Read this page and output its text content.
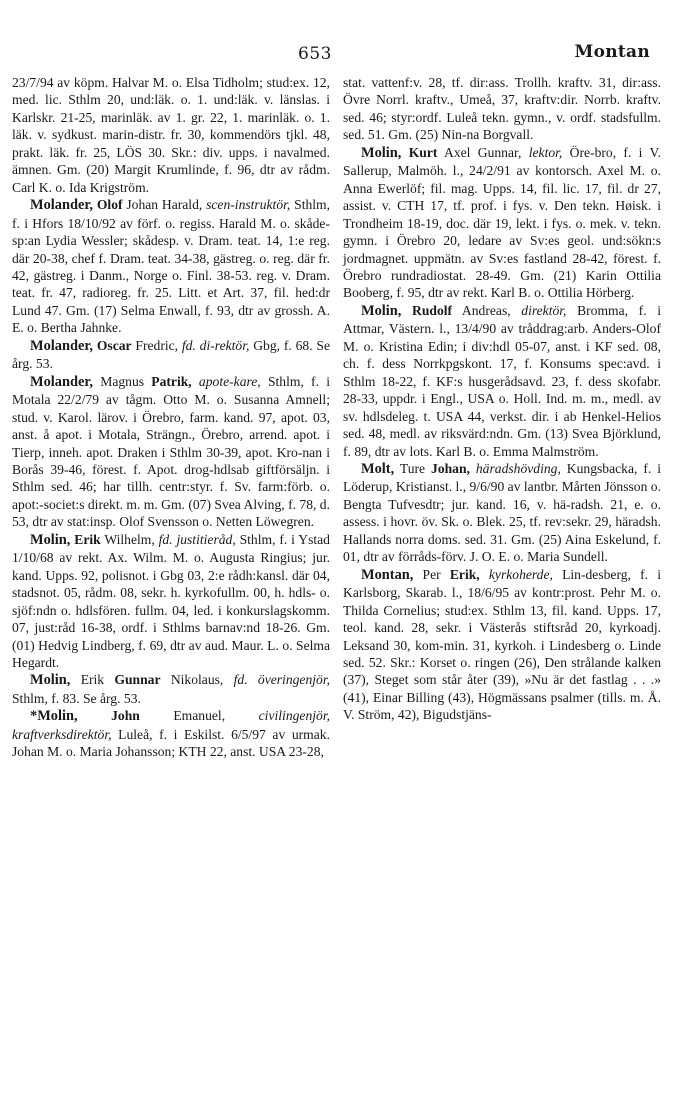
653	Montan

23/7/94 av köpm. Halvar M. o. Elsa Tidholm; stud:ex. 12, med. lic. Sthlm 20, und:läk. o. 1. und:läk. v. länslas. i Karlskr. 21-25, marinläk. av 1. gr. 22, 1. marinläk. o. 1. läk. v. sydkust. marin-distr. fr. 30, kommendörs tjkl. 48, prakt. läk. fr. 25, LÖS 30. Skr.: div. upps. i navalmed. ämnen. Gm. (20) Margit Krumlinde, f. 96, dtr av rådm. Carl K. o. Ida Krigström.

Molander, Olof Johan Harald, scen-instruktör, Sthlm, f. i Hfors 18/10/92 av förf. o. regiss. Harald M. o. skåde-sp:an Lydia Wessler; skådesp. v. Dram. teat. 14, 1:e reg. där 20-38, chef f. Dram. teat. 34-38, gästreg. o. reg. där fr. 42, gästreg. i Danm., Norge o. Finl. 38-53. reg. v. Dram. teat. fr. 47, radioreg. fr. 25. Litt. et Art. 37, fil. hed:dr Lund 47. Gm. (17) Selma Enwall, f. 93, dtr av grossh. A. E. o. Bertha Jahnke.

Molander, Oscar Fredric, fd. di-rektör, Gbg, f. 68. Se årg. 53.

Molander, Magnus Patrik, apote-kare, Sthlm, f. i Motala 22/2/79 av tågm. Otto M. o. Susanna Amnell; stud. v. Karol. lärov. i Örebro, farm. kand. 97, apot. 03, anst. å apot. i Motala, Strängn., Örebro, arrend. apot. i Tierp, inneh. apot. Draken i Sthlm 30-39, apot. Kro-nan i Borås 39-46, förest. f. Apot. drog-hdlsab giftförsäljn. i Sthlm sed. 46; har tillh. centr:styr. f. Sv. farm:förb. o. apot:-societ:s direkt. m. m. Gm. (07) Svea Alving, f. 78, d. 53, dtr av stat:insp. Olof Svensson o. Netten Löwegren.

Molin, Erik Wilhelm, fd. justitieråd, Sthlm, f. i Ystad 1/10/68 av rekt. Ax. Wilm. M. o. Augusta Ringius; jur. kand. Upps. 92, polisnot. i Gbg 03, 2:e rådh:kansl. där 04, stadsnot. 05, rådm. 08, sekr. h. kyrkofullm. 00, h. hdls- o. sjöf:ndn o. hdlsfören. fullm. 04, led. i konkurslagskomm. 07, just:råd 16-38, ordf. i Sthlms barnav:nd 18-26. Gm. (01) Hedvig Lindberg, f. 69, dtr av aud. Maur. L. o. Selma Hegardt.

Molin, Erik Gunnar Nikolaus, fd. överingenjör, Sthlm, f. 83. Se årg. 53.

*Molin, John Emanuel, civilingenjör, kraftverksdirektör, Luleå, f. i Eskilst. 6/5/97 av urmak. Johan M. o. Maria Johansson; KTH 22, anst. USA 23-28,

stat. vattenf:v. 28, tf. dir:ass. Trollh. kraftv. 31, dir:ass. Övre Norrl. kraftv., Umeå, 37, kraftv:dir. Norrb. kraftv. sed. 46; styr:ordf. Luleå tekn. gymn., v. ordf. stadsfullm. sed. 51. Gm. (25) Nin-na Borgvall.

Molin, Kurt Axel Gunnar, lektor, Öre-bro, f. i V. Sallerup, Malmöh. l., 24/2/91 av kontorsch. Axel M. o. Anna Ewerlöf; fil. mag. Upps. 14, fil. lic. 17, fil. dr 27, assist. v. CTH 17, tf. prof. i fys. v. Den tekn. Høisk. i Trondheim 18-19, doc. där 19, lekt. i fys. o. mek. v. tekn. gymn. i Örebro 20, ledare av Sv:es geol. und:sökn:s jordmagnet. uppmätn. av Sv:es fastland 28-42, förest. f. Örebro rundradiostat. 28-49. Gm. (21) Karin Ottilia Booberg, f. 95, dtr av rekt. Karl B. o. Ottilia Hörberg.

Molin, Rudolf Andreas, direktör, Bromma, f. i Attmar, Västern. l., 13/4/90 av tråddrag:arb. Anders-Olof M. o. Kristina Edin; i div:hdl 05-07, anst. i KF sed. 08, ch. f. dess Norrkpgskont. 17, f. Konsums spec:avd. i Sthlm 18-22, f. KF:s husgerådsavd. 23, f. dess skofabr. 28-33, uppdr. i Engl., USA o. Holl. Ind. m. m., medl. av sv. hdlsdeleg. t. USA 44, verkst. dir. i ab Henkel-Helios sed. 48, medl. av riksvärd:ndn. Gm. (13) Svea Björklund, f. 89, dtr av lots. Karl B. o. Emma Malmström.

Molt, Ture Johan, häradshövding, Kungsbacka, f. i Löderup, Kristianst. l., 9/6/90 av lantbr. Mårten Jönsson o. Bengta Tufvesdtr; jur. kand. 16, v. hä-radsh. 21, e. o. assess. i hovr. öv. Sk. o. Blek. 25, tf. rev:sekr. 29, häradsh. Hallands norra doms. sed. 31. Gm. (25) Aina Eskelund, f. 01, dtr av förråds-förv. J. O. E. o. Maria Sundell.

Montan, Per Erik, kyrkoherde, Lin-desberg, f. i Karlsborg, Skarab. l., 18/6/95 av kontr:prost. Pehr M. o. Thilda Cornelius; stud:ex. Sthlm 13, fil. kand. Upps. 17, teol. kand. 28, sekr. i Västerås stiftsråd 20, kyrkoadj. Leksand 30, kom-min. 31, kyrkoh. i Lindesberg o. Linde sed. 52. Skr.: Korset o. ringen (26), Den strålande kalken (37), Steget som står åter (39), »Nu är det fastlag . . .» (41), Einar Billing (43), Högmässans psalmer (tills. m. Å. V. Ström, 42), Bigudstjäns-
